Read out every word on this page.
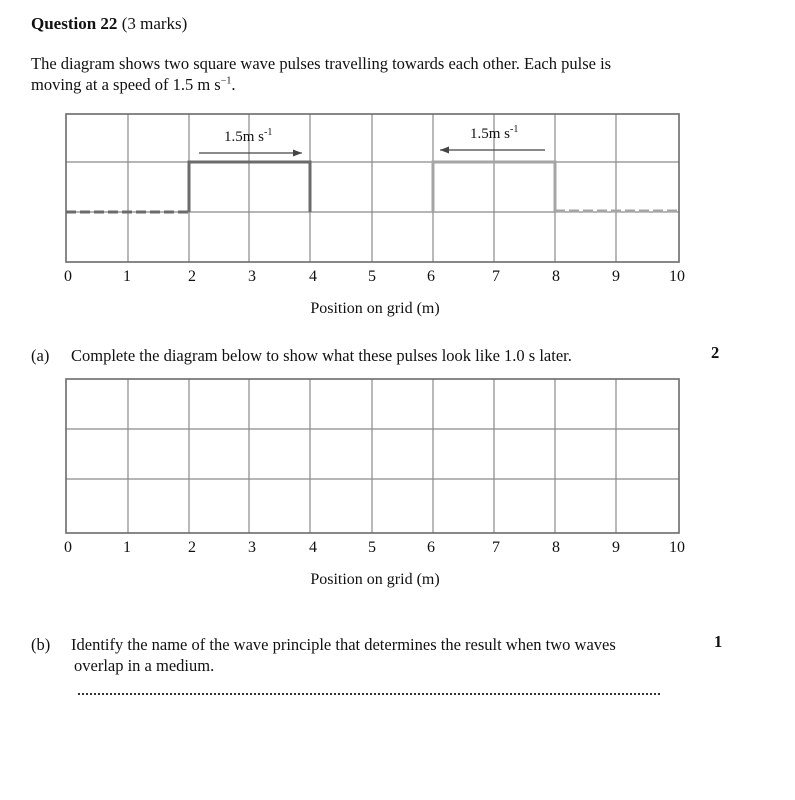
Question 22 (3 marks)
The diagram shows two square wave pulses travelling towards each other. Each pulse is
moving at a speed of 1.5 m $s^{-1}$.
1.5m $s^{-1}$	1.5m $s^{-1}$
0	1	2	3	4	5	6	7	8	9	10
Position on grid (m)
(a) Complete the diagram below to show what these pulses look like 1.0 s later.	2
0	1	2	3	4	5	6	7	8	9	10
Position on grid (m)
(b) Identify the name of the wave principle that determines the result when two waves
overlap in a medium.
1
